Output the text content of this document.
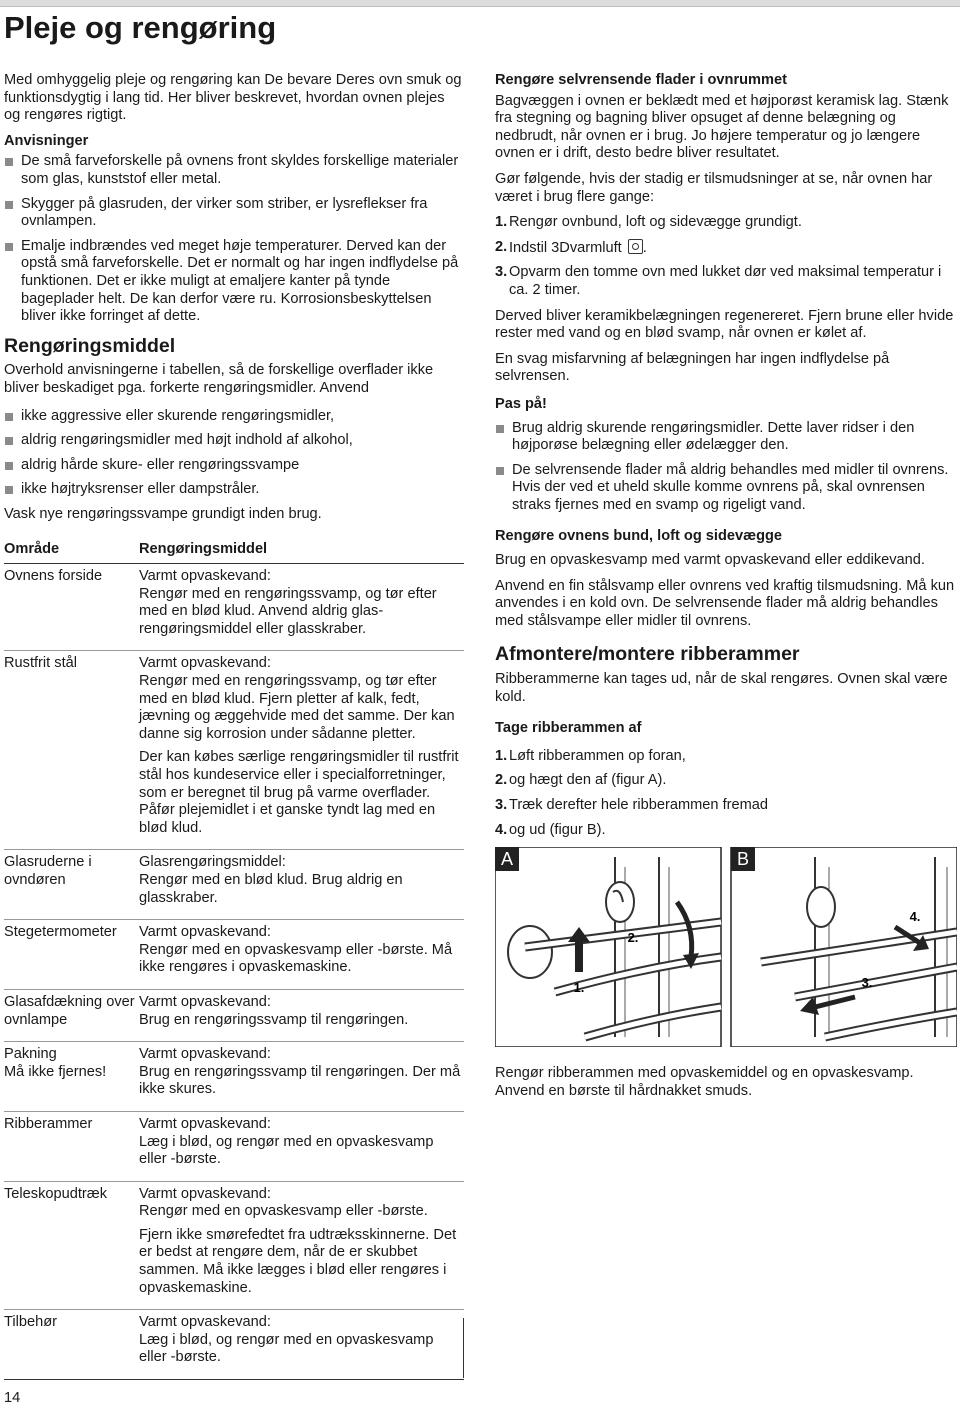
Pleje og rengøring

Med omhyggelig pleje og rengøring kan De bevare Deres ovn smuk og funktionsdygtig i lang tid. Her bliver beskrevet, hvordan ovnen plejes og rengøres rigtigt.

Anvisninger
De små farveforskelle på ovnens front skyldes forskellige materialer som glas, kunststof eller metal.
Skygger på glasruden, der virker som striber, er lysreflekser fra ovnlampen.
Emalje indbrændes ved meget høje temperaturer. Derved kan der opstå små farveforskelle. Det er normalt og har ingen indflydelse på funktionen. Det er ikke muligt at emaljere kanter på tynde bageplader helt. De kan derfor være ru. Korrosionsbeskyttelsen bliver ikke forringet af dette.
Rengøringsmiddel

Overhold anvisningerne i tabellen, så de forskellige overflader ikke bliver beskadiget pga. forkerte rengøringsmidler. Anvend

ikke aggressive eller skurende rengøringsmidler,
aldrig rengøringsmidler med højt indhold af alkohol,
aldrig hårde skure- eller rengøringssvampe
ikke højtryksrenser eller dampstråler.

Vask nye rengøringssvampe grundigt inden brug.

Område	Rengøringsmiddel
Ovnens forside	Varmt opvaskevand:
Rengør med en rengøringssvamp, og tør efter med en blød klud. Anvend aldrig glasrengøringsmiddel eller glasskraber.

Rustfrit stål	Varmt opvaskevand:
Rengør med en rengøringssvamp, og tør efter med en blød klud. Fjern pletter af kalk, fedt, jævning og æggehvide med det samme. Der kan danne sig korrosion under sådanne pletter.

Der kan købes særlige rengøringsmidler til rustfrit stål hos kundeservice eller i specialforretninger, som er beregnet til brug på varme overflader. Påfør plejemidlet i et ganske tyndt lag med en blød klud.

Glasruderne i ovndøren	Glasrengøringsmiddel:
Rengør med en blød klud. Brug aldrig en glasskraber.

Stegetermometer	Varmt opvaskevand:
Rengør med en opvaskesvamp eller -børste. Må ikke rengøres i opvaskemaskine.

Glasafdækning over ovnlampe	Varmt opvaskevand:
Brug en rengøringssvamp til rengøringen.

Pakning
Må ikke fjernes!	Varmt opvaskevand:
Brug en rengøringssvamp til rengøringen. Der må ikke skures.

Ribberammer	Varmt opvaskevand:
Læg i blød, og rengør med en opvaskesvamp eller -børste.

Teleskopudtræk	Varmt opvaskevand:
Rengør med en opvaskesvamp eller -børste.

Fjern ikke smørefedtet fra udtræksskinnerne. Det er bedst at rengøre dem, når de er skubbet sammen. Må ikke lægges i blød eller rengøres i opvaskemaskine.

Tilbehør	Varmt opvaskevand:
Læg i blød, og rengør med en opvaskesvamp eller -børste.

14
Rengøre selvrensende flader i ovnrummet

Bagvæggen i ovnen er beklædt med et højporøst keramisk lag. Stænk fra stegning og bagning bliver opsuget af denne belægning og nedbrudt, når ovnen er i brug. Jo højere temperatur og jo længere ovnen er i drift, desto bedre bliver resultatet.

Gør følgende, hvis der stadig er tilsmudsninger at se, når ovnen har været i brug flere gange:

1. Rengør ovnbund, loft og sidevægge grundigt.
2. Indstil 3Dvarmluft .
3. Opvarm den tomme ovn med lukket dør ved maksimal temperatur i ca. 2 timer.

Derved bliver keramikbelægningen regenereret. Fjern brune eller hvide rester med vand og en blød svamp, når ovnen er kølet af.

En svag misfarvning af belægningen har ingen indflydelse på selvrensen.

Pas på!
Brug aldrig skurende rengøringsmidler. Dette laver ridser i den højporøse belægning eller ødelægger den.
De selvrensende flader må aldrig behandles med midler til ovnrens. Hvis der ved et uheld skulle komme ovnrens på, skal ovnrensen straks fjernes med en svamp og rigeligt vand.
Rengøre ovnens bund, loft og sidevægge

Brug en opvaskesvamp med varmt opvaskevand eller eddikevand.

Anvend en fin stålsvamp eller ovnrens ved kraftig tilsmudsning. Må kun anvendes i en kold ovn. De selvrensende flader må aldrig behandles med stålsvampe eller midler til ovnrens.

Afmontere/montere ribberammer

Ribberammerne kan tages ud, når de skal rengøres. Ovnen skal være kold.

Tage ribberammen af
1. Løft ribberammen op foran,
2. og hægt den af (figur A).
3. Træk derefter hele ribberammen fremad
4. og ud (figur B).
A
1.
2.
B
3.
4.

Rengør ribberammen med opvaskemiddel og en opvaskesvamp. Anvend en børste til hårdnakket smuds.
